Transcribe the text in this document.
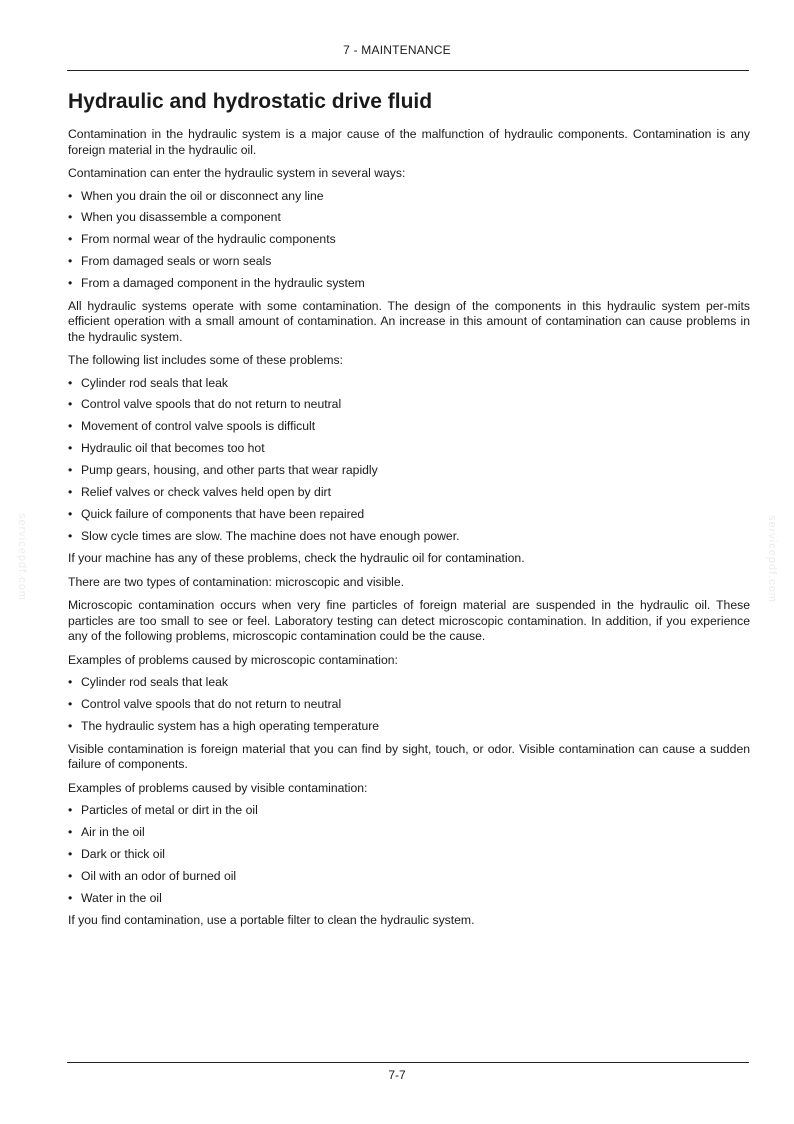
7 - MAINTENANCE
servicepdf.com	servicepdf.com
Hydraulic and hydrostatic drive fluid

Contamination in the hydraulic system is a major cause of the malfunction of hydraulic components. Contamination is any foreign material in the hydraulic oil.

Contamination can enter the hydraulic system in several ways:

• When you drain the oil or disconnect any line
• When you disassemble a component
• From normal wear of the hydraulic components
• From damaged seals or worn seals
• From a damaged component in the hydraulic system

All hydraulic systems operate with some contamination. The design of the components in this hydraulic system per-mits efficient operation with a small amount of contamination. An increase in this amount of contamination can cause problems in the hydraulic system.

The following list includes some of these problems:

• Cylinder rod seals that leak
• Control valve spools that do not return to neutral
• Movement of control valve spools is difficult
• Hydraulic oil that becomes too hot
• Pump gears, housing, and other parts that wear rapidly
• Relief valves or check valves held open by dirt
• Quick failure of components that have been repaired
• Slow cycle times are slow. The machine does not have enough power.

If your machine has any of these problems, check the hydraulic oil for contamination.

There are two types of contamination: microscopic and visible.

Microscopic contamination occurs when very fine particles of foreign material are suspended in the hydraulic oil. These particles are too small to see or feel. Laboratory testing can detect microscopic contamination. In addition, if you experience any of the following problems, microscopic contamination could be the cause.

Examples of problems caused by microscopic contamination:

• Cylinder rod seals that leak
• Control valve spools that do not return to neutral
• The hydraulic system has a high operating temperature

Visible contamination is foreign material that you can find by sight, touch, or odor. Visible contamination can cause a sudden failure of components.

Examples of problems caused by visible contamination:

• Particles of metal or dirt in the oil
• Air in the oil
• Dark or thick oil
• Oil with an odor of burned oil
• Water in the oil

If you find contamination, use a portable filter to clean the hydraulic system.

7-7
